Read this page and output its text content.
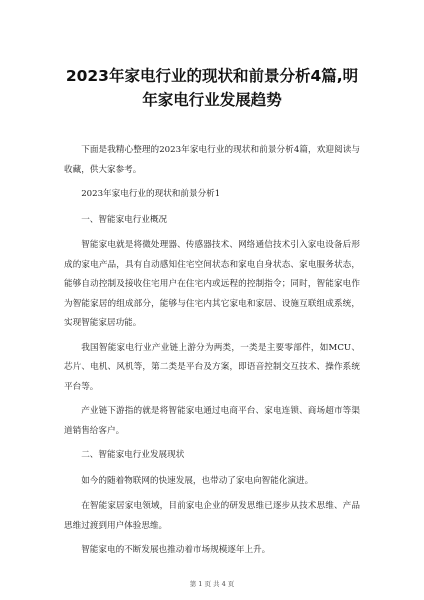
2023年家电行业的现状和前景分析4篇,明年家电行业发展趋势

下面是我精心整理的2023年家电行业的现状和前景分析4篇，欢迎阅读与收藏，供大家参考。

2023年家电行业的现状和前景分析1

一、智能家电行业概况

智能家电就是将微处理器、传感器技术、网络通信技术引入家电设备后形成的家电产品，具有自动感知住宅空间状态和家电自身状态、家电服务状态，能够自动控制及接收住宅用户在住宅内或远程的控制指令；同时，智能家电作为智能家居的组成部分，能够与住宅内其它家电和家居、设施互联组成系统，实现智能家居功能。

我国智能家电行业产业链上游分为两类，一类是主要零部件，如MCU、芯片、电机、风机等，第二类是平台及方案，即语音控制交互技术、操作系统平台等。

产业链下游指的就是将智能家电通过电商平台、家电连锁、商场超市等渠道销售给客户。

二、智能家电行业发展现状

如今的随着物联网的快速发展，也带动了家电向智能化演进。

在智能家居家电领域，目前家电企业的研发思维已逐步从技术思维、产品思维过渡到用户体验思维。

智能家电的不断发展也推动着市场规模逐年上升。

第 1 页 共 4 页
